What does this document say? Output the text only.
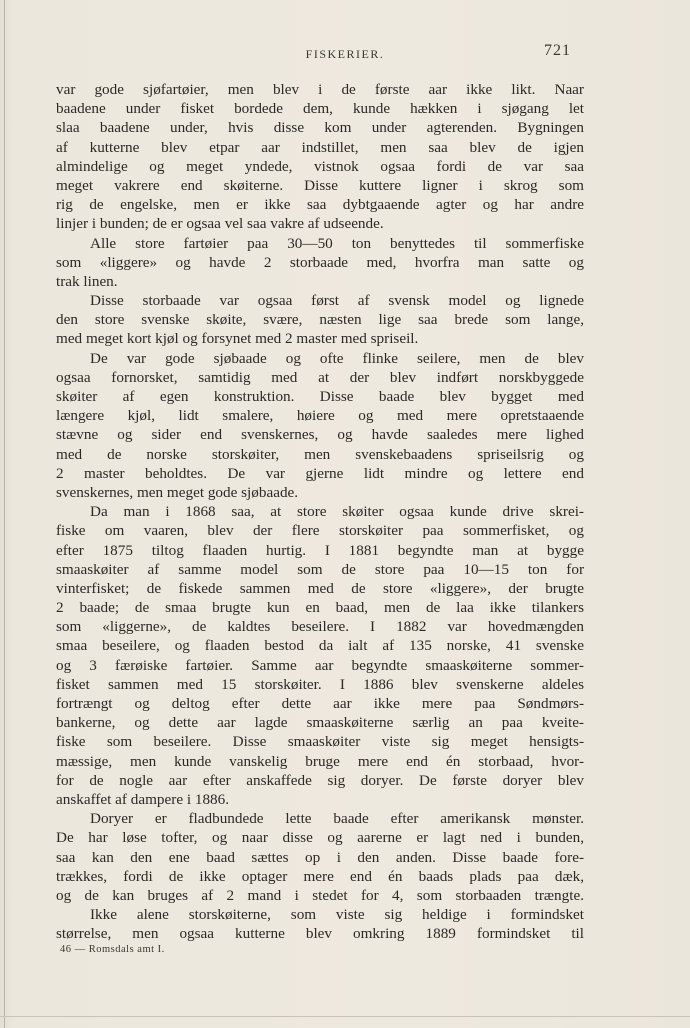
FISKERIER.	721
var gode sjøfartøier, men blev i de første aar ikke likt. Naar
baadene under fisket bordede dem, kunde hækken i sjøgang let
slaa baadene under, hvis disse kom under agterenden. Bygningen
af kutterne blev etpar aar indstillet, men saa blev de igjen
almindelige og meget yndede, vistnok ogsaa fordi de var saa
meget vakrere end skøiterne. Disse kuttere ligner i skrog som
rig de engelske, men er ikke saa dybtgaaende agter og har andre
linjer i bunden; de er ogsaa vel saa vakre af udseende.
Alle store fartøier paa 30—50 ton benyttedes til sommerfiske
som «liggere» og havde 2 storbaade med, hvorfra man satte og
trak linen.
Disse storbaade var ogsaa først af svensk model og lignede
den store svenske skøite, svære, næsten lige saa brede som lange,
med meget kort kjøl og forsynet med 2 master med spriseil.
De var gode sjøbaade og ofte flinke seilere, men de blev
ogsaa fornorsket, samtidig med at der blev indført norskbyggede
skøiter af egen konstruktion. Disse baade blev bygget med
længere kjøl, lidt smalere, høiere og med mere opretstaaende
stævne og sider end svenskernes, og havde saaledes mere lighed
med de norske storskøiter, men svenskebaadens spriseilsrig og
2 master beholdtes. De var gjerne lidt mindre og lettere end
svenskernes, men meget gode sjøbaade.
Da man i 1868 saa, at store skøiter ogsaa kunde drive skrei-
fiske om vaaren, blev der flere storskøiter paa sommerfisket, og
efter 1875 tiltog flaaden hurtig. I 1881 begyndte man at bygge
smaaskøiter af samme model som de store paa 10—15 ton for
vinterfisket; de fiskede sammen med de store «liggere», der brugte
2 baade; de smaa brugte kun en baad, men de laa ikke tilankers
som «liggerne», de kaldtes beseilere. I 1882 var hovedmængden
smaa beseilere, og flaaden bestod da ialt af 135 norske, 41 svenske
og 3 færøiske fartøier. Samme aar begyndte smaaskøiterne sommer-
fisket sammen med 15 storskøiter. I 1886 blev svenskerne aldeles
fortrængt og deltog efter dette aar ikke mere paa Søndmørs-
bankerne, og dette aar lagde smaaskøiterne særlig an paa kveite-
fiske som beseilere. Disse smaaskøiter viste sig meget hensigts-
mæssige, men kunde vanskelig bruge mere end én storbaad, hvor-
for de nogle aar efter anskaffede sig doryer. De første doryer blev
anskaffet af dampere i 1886.
Doryer er fladbundede lette baade efter amerikansk mønster.
De har løse tofter, og naar disse og aarerne er lagt ned i bunden,
saa kan den ene baad sættes op i den anden. Disse baade fore-
trækkes, fordi de ikke optager mere end én baads plads paa dæk,
og de kan bruges af 2 mand i stedet for 4, som storbaaden trængte.
Ikke alene storskøiterne, som viste sig heldige i formindsket
størrelse, men ogsaa kutterne blev omkring 1889 formindsket til
46 — Romsdals amt I.
